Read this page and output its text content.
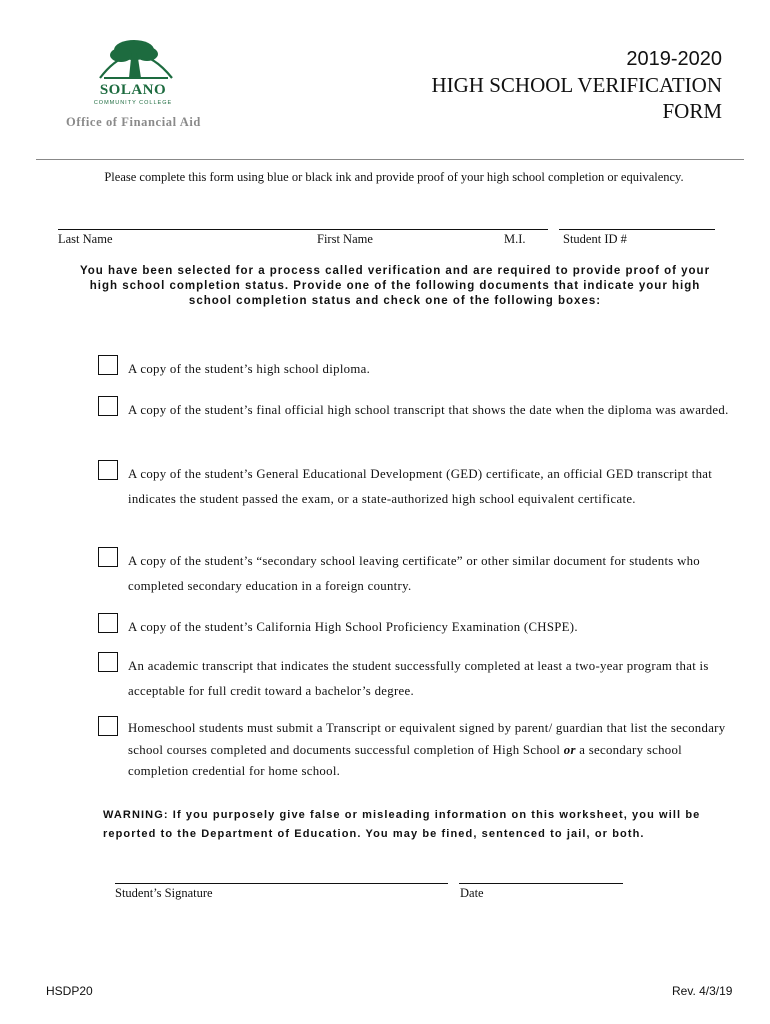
SOLANO
COMMUNITY COLLEGE
Office of Financial Aid
2019-2020
HIGH SCHOOL VERIFICATION
FORM
Please complete this form using blue or black ink and provide proof of your high school completion or equivalency.
Last Name	First Name	M.I.	Student ID #
You have been selected for a process called verification and are required to provide proof of your high school completion status. Provide one of the following documents that indicate your high school completion status and check one of the following boxes:
A copy of the student’s high school diploma.
A copy of the student’s final official high school transcript that shows the date when the diploma was awarded.
A copy of the student’s General Educational Development (GED) certificate, an official GED transcript that indicates the student passed the exam, or a state-authorized high school equivalent certificate.
A copy of the student’s “secondary school leaving certificate” or other similar document for students who completed secondary education in a foreign country.
A copy of the student’s California High School Proficiency Examination (CHSPE).
An academic transcript that indicates the student successfully completed at least a two-year program that is acceptable for full credit toward a bachelor’s degree.
Homeschool students must submit a Transcript or equivalent signed by parent/ guardian that list the secondary school courses completed and documents successful completion of High School or a secondary school completion credential for home school.
WARNING: If you purposely give false or misleading information on this worksheet, you will be reported to the Department of Education. You may be fined, sentenced to jail, or both.
Student’s Signature	Date
HSDP20	Rev. 4/3/19
